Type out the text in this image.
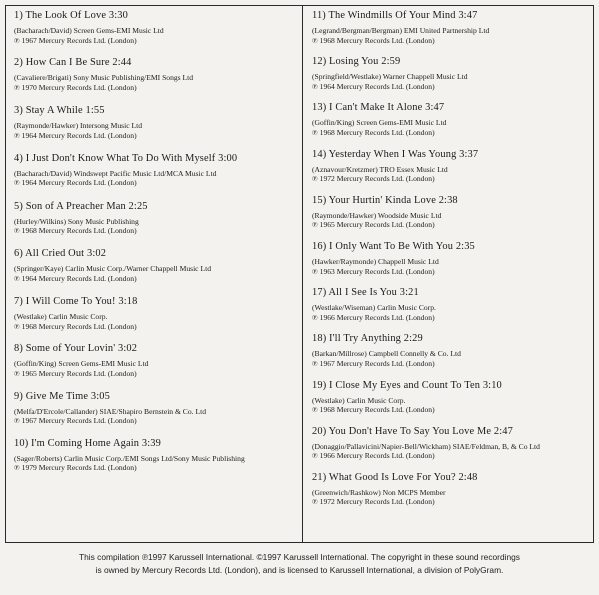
1) The Look Of Love 3:30
(Bacharach/David) Screen Gems-EMI Music Ltd
℗ 1967 Mercury Records Ltd. (London)
2) How Can I Be Sure 2:44
(Cavaliere/Brigati) Sony Music Publishing/EMI Songs Ltd
℗ 1970 Mercury Records Ltd. (London)
3) Stay A While 1:55
(Raymonde/Hawker) Intersong Music Ltd
℗ 1964 Mercury Records Ltd. (London)
4) I Just Don't Know What To Do With Myself 3:00
(Bacharach/David) Windswept Pacific Music Ltd/MCA Music Ltd
℗ 1964 Mercury Records Ltd. (London)
5) Son of A Preacher Man 2:25
(Hurley/Wilkins) Sony Music Publishing
℗ 1968 Mercury Records Ltd. (London)
6) All Cried Out 3:02
(Springer/Kaye) Carlin Music Corp./Warner Chappell Music Ltd
℗ 1964 Mercury Records Ltd. (London)
7) I Will Come To You! 3:18
(Westlake) Carlin Music Corp.
℗ 1968 Mercury Records Ltd. (London)
8) Some of Your Lovin' 3:02
(Goffin/King) Screen Gems-EMI Music Ltd
℗ 1965 Mercury Records Ltd. (London)
9) Give Me Time 3:05
(Melfa/D'Ercole/Callander) SIAE/Shapiro Bernstein & Co. Ltd
℗ 1967 Mercury Records Ltd. (London)
10) I'm Coming Home Again 3:39
(Sager/Roberts) Carlin Music Corp./EMI Songs Ltd/Sony Music Publishing
℗ 1979 Mercury Records Ltd. (London)
11) The Windmills Of Your Mind 3:47
(Legrand/Bergman/Bergman) EMI United Partnership Ltd
℗ 1968 Mercury Records Ltd. (London)
12) Losing You 2:59
(Springfield/Westlake) Warner Chappell Music Ltd
℗ 1964 Mercury Records Ltd. (London)
13) I Can't Make It Alone 3:47
(Goffin/King) Screen Gems-EMI Music Ltd
℗ 1968 Mercury Records Ltd. (London)
14) Yesterday When I Was Young 3:37
(Aznavour/Kretzmer) TRO Essex Music Ltd
℗ 1972 Mercury Records Ltd. (London)
15) Your Hurtin' Kinda Love 2:38
(Raymonde/Hawker) Woodside Music Ltd
℗ 1965 Mercury Records Ltd. (London)
16) I Only Want To Be With You 2:35
(Hawker/Raymonde) Chappell Music Ltd
℗ 1963 Mercury Records Ltd. (London)
17) All I See Is You 3:21
(Westlake/Wiseman) Carlin Music Corp.
℗ 1966 Mercury Records Ltd. (London)
18) I'll Try Anything 2:29
(Barkan/Millrose) Campbell Connelly & Co. Ltd
℗ 1967 Mercury Records Ltd. (London)
19) I Close My Eyes and Count To Ten 3:10
(Westlake) Carlin Music Corp.
℗ 1968 Mercury Records Ltd. (London)
20) You Don't Have To Say You Love Me 2:47
(Donaggio/Pallavicini/Napier-Bell/Wickham) SIAE/Feldman, B, & Co Ltd
℗ 1966 Mercury Records Ltd. (London)
21) What Good Is Love For You? 2:48
(Greenwich/Rashkow) Non MCPS Member
℗ 1972 Mercury Records Ltd. (London)
This compilation ℗1997 Karussell International. ©1997 Karussell International. The copyright in these sound recordings
is owned by Mercury Records Ltd. (London), and is licensed to Karussell International, a division of PolyGram.
